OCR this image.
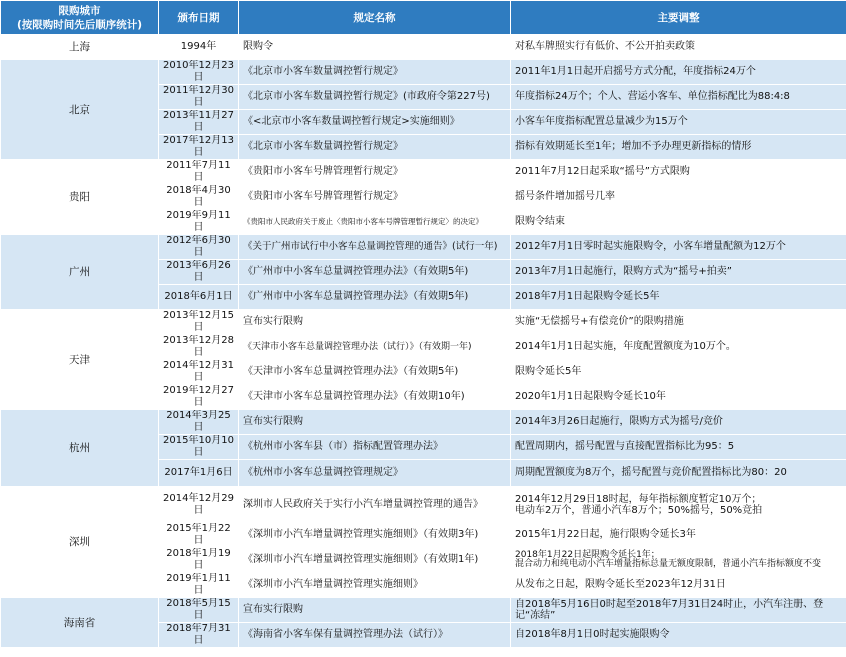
限购城市
(按限购时间先后顺序统计)	颁布日期	规定名称	主要调整
上海	1994年	限购令	对私车牌照实行有低价、不公开拍卖政策
北京	2010年12月23日	《北京市小客车数量调控暂行规定》	2011年1月1日起开启摇号方式分配，年度指标24万个
	2011年12月30日	《北京市小客车数量调控暂行规定》(市政府令第227号)	年度指标24万个；个人、营运小客车、单位指标配比为88:4:8
	2013年11月27日	《<北京市小客车数量调控暂行规定>实施细则》	小客车年度指标配置总量减少为15万个
	2017年12月13日	《北京市小客车数量调控暂行规定》	指标有效期延长至1年；增加不予办理更新指标的情形
贵阳	2011年7月11日	《贵阳市小客车号牌管理暂行规定》	2011年7月12日起采取“摇号”方式限购
	2018年4月30日	《贵阳市小客车号牌管理暂行规定》	摇号条件增加摇号几率
	2019年9月11日	《贵阳市人民政府关于废止〈贵阳市小客车号牌管理暂行规定〉的决定》	限购令结束
广州	2012年6月30日	《关于广州市试行中小客车总量调控管理的通告》(试行一年)	2012年7月1日零时起实施限购令，小客车增量配额为12万个
	2013年6月26日	《广州市中小客车总量调控管理办法》（有效期5年)	2013年7月1日起施行，限购方式为“摇号+拍卖”
	2018年6月1日	《广州市中小客车总量调控管理办法》（有效期5年)	2018年7月1日起限购令延长5年
天津	2013年12月15日	宣布实行限购	实施“无偿摇号+有偿竞价”的限购措施
	2013年12月28日	《天津市小客车总量调控管理办法（试行）》（有效期一年)	2014年1月1日起实施，年度配置额度为10万个。
	2014年12月31日	《天津市小客车总量调控管理办法》（有效期5年)	限购令延长5年
	2019年12月27日	《天津市小客车总量调控管理办法》（有效期10年)	2020年1月1日起限购令延长10年
杭州	2014年3月25日	宣布实行限购	2014年3月26日起施行，限购方式为摇号/竞价
	2015年10月10日	《杭州市小客车县（市）指标配置管理办法》	配置周期内，摇号配置与直接配置指标比为95：5
	2017年1月6日	《杭州市小客车总量调控管理规定》	周期配置额度为8万个，摇号配置与竞价配置指标比为80：20
深圳	2014年12月29日	深圳市人民政府关于实行小汽车增量调控管理的通告》	2014年12月29日18时起，每年指标额度暂定10万个；
电动车2万个，普通小汽车8万个；50%摇号，50%竞拍
	2015年1月22日	《深圳市小汽车增量调控管理实施细则》（有效期3年)	2015年1月22日起，施行限购令延长3年
	2018年1月19日	《深圳市小汽车增量调控管理实施细则》（有效期1年)	2018年1月22日起限购令延长1年；
混合动力和纯电动小汽车增量指标总量无额度限制，普通小汽车指标额度不变
	2019年1月11日	《深圳市小汽车增量调控管理实施细则》	从发布之日起，限购令延长至2023年12月31日
海南省	2018年5月15日	宣布实行限购	自2018年5月16日0时起至2018年7月31日24时止，小汽车注册、登记“冻结”
	2018年7月31日	《海南省小客车保有量调控管理办法（试行）》	自2018年8月1日0时起实施限购令
